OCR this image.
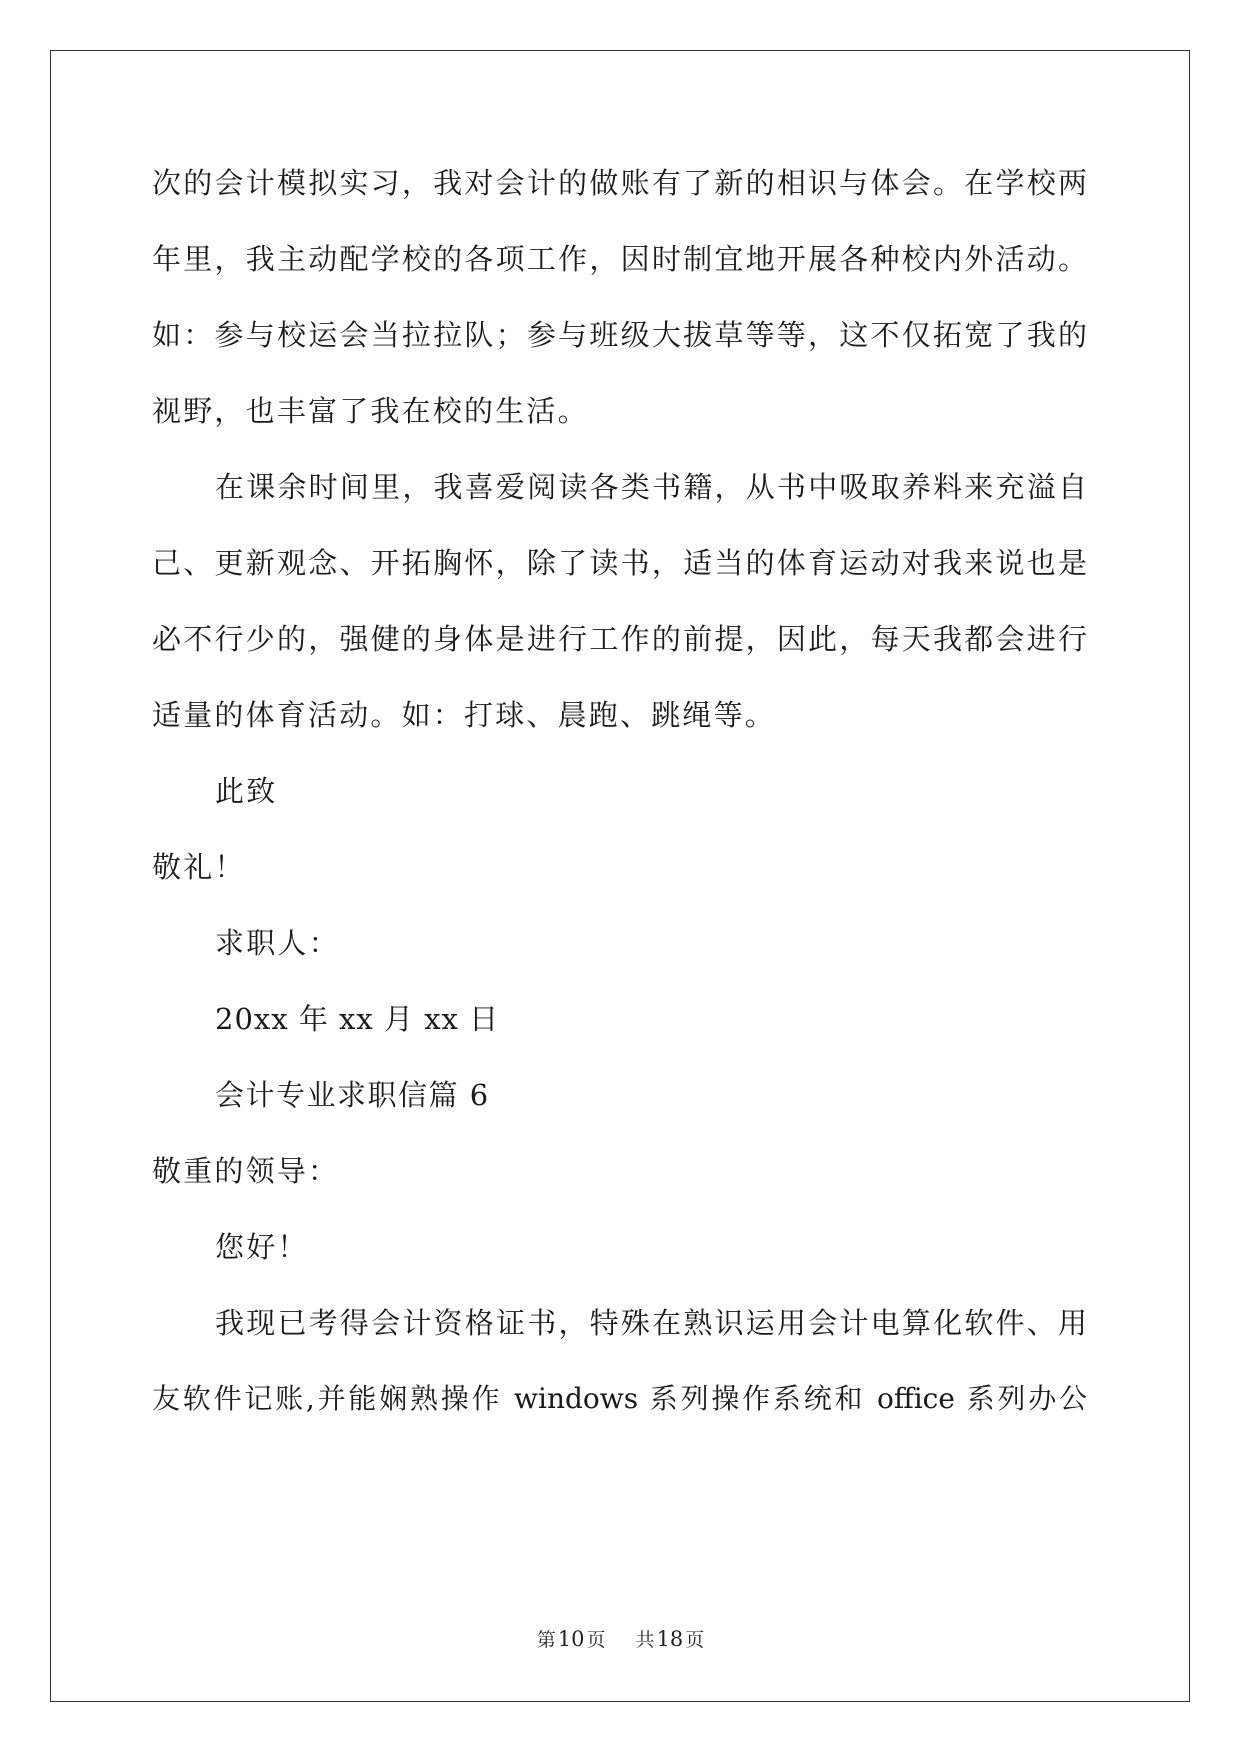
次的会计模拟实习，我对会计的做账有了新的相识与体会。在学校两
年里，我主动配学校的各项工作，因时制宜地开展各种校内外活动。
如：参与校运会当拉拉队；参与班级大拔草等等，这不仅拓宽了我的
视野，也丰富了我在校的生活。
在课余时间里，我喜爱阅读各类书籍，从书中吸取养料来充溢自
己、更新观念、开拓胸怀，除了读书，适当的体育运动对我来说也是
必不行少的，强健的身体是进行工作的前提，因此，每天我都会进行
适量的体育活动。如：打球、晨跑、跳绳等。
此致
敬礼！
求职人：
20xx 年 xx 月 xx 日
会计专业求职信篇 6
敬重的领导：
您好！
我现已考得会计资格证书，特殊在熟识运用会计电算化软件、用
友软件记账,并能娴熟操作 windows 系列操作系统和 office 系列办公
第10 页 共18 页
